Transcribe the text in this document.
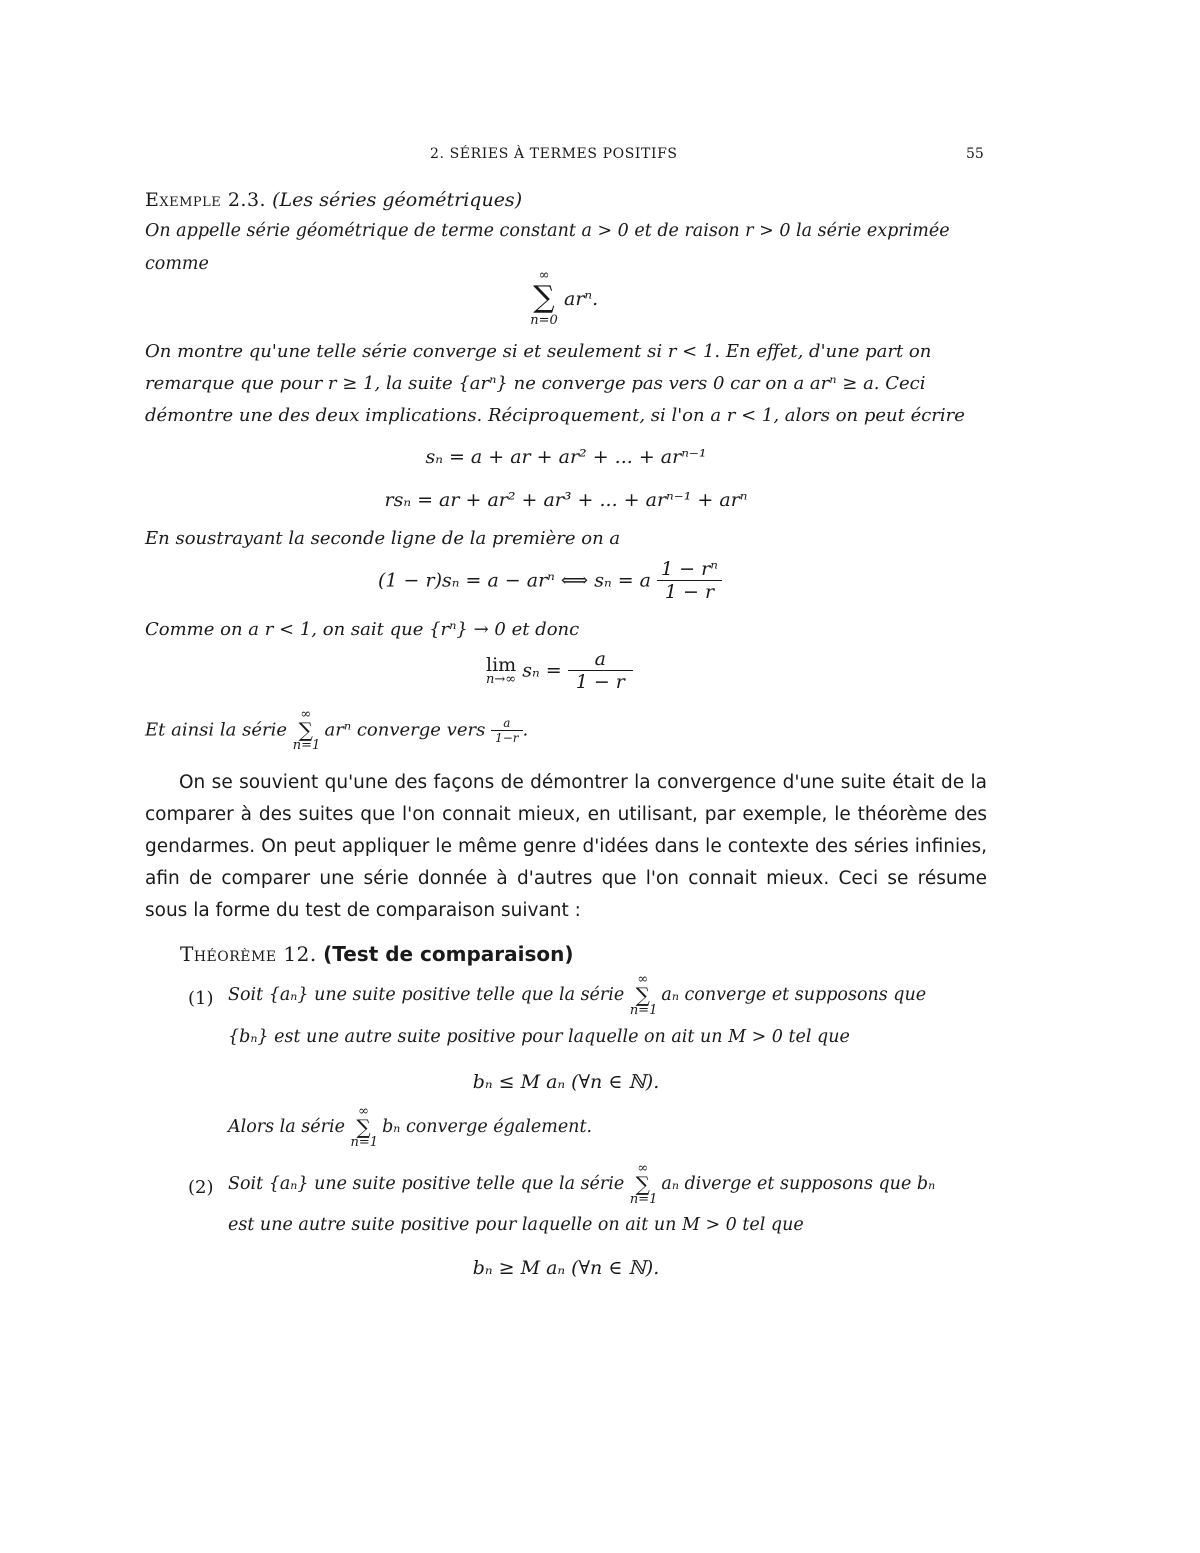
2. SÉRIES À TERMES POSITIFS	55
Exemple 2.3. (Les séries géométriques)
On appelle série géométrique de terme constant a > 0 et de raison r > 0 la série exprimée
comme
∞
∑
n=0
arⁿ.
On montre qu'une telle série converge si et seulement si r < 1. En effet, d'une part on
remarque que pour r ≥ 1, la suite {arⁿ} ne converge pas vers 0 car on a arⁿ ≥ a. Ceci
démontre une des deux implications. Réciproquement, si l'on a r < 1, alors on peut écrire
sₙ = a + ar + ar² + ... + arⁿ⁻¹
rsₙ = ar + ar² + ar³ + ... + arⁿ⁻¹ + arⁿ
En soustrayant la seconde ligne de la première on a
(1 − r)sₙ = a − arⁿ ⟺ sₙ = a $\frac{\text{1 − rⁿ}}{1 - r}$
Comme on a r < 1, on sait que {rⁿ} → 0 et donc
lim
n→∞ $s_n = \frac{a}{1 - r}$
Et ainsi la série
∞
∑
n=1
arⁿ converge vers $\frac{a}{1-r}$ .
On se souvient qu'une des façons de démontrer la convergence d'une suite était de la comparer à des suites que l'on connait mieux, en utilisant, par exemple, le théorème des gendarmes. On peut appliquer le même genre d'idées dans le contexte des séries infinies, afin de comparer une série donnée à d'autres que l'on connait mieux. Ceci se résume sous la forme du test de comparaison suivant :
Théorème 12. (Test de comparaison)
(1) Soit {aₙ} une suite positive telle que la série
∞
∑
n=1
aₙ converge et supposons que
{bₙ} est une autre suite positive pour laquelle on ait un M > 0 tel que
bₙ ≤ M aₙ (∀n ∈ ℕ).
Alors la série
∞
∑
n=1
bₙ converge également.
(2) Soit {aₙ} une suite positive telle que la série
∞
∑
n=1
aₙ diverge et supposons que bₙ
est une autre suite positive pour laquelle on ait un M > 0 tel que
bₙ ≥ M aₙ (∀n ∈ ℕ).
